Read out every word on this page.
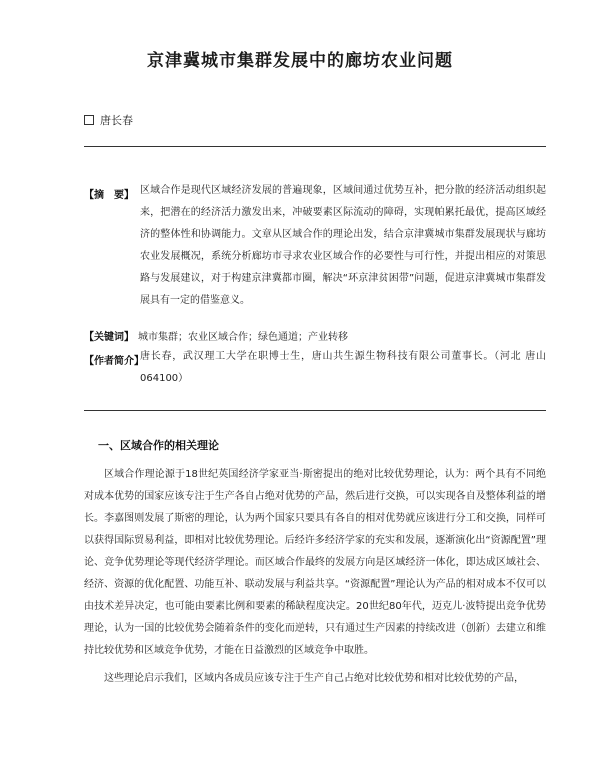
京津冀城市集群发展中的廊坊农业问题
唐长春
【摘　要】 区域合作是现代区域经济发展的普遍现象，区域间通过优势互补，把分散的经济活动组织起来，把潜在的经济活力激发出来，冲破要素区际流动的障碍，实现帕累托最优，提高区域经济的整体性和协调能力。文章从区域合作的理论出发，结合京津冀城市集群发展现状与廊坊农业发展概况，系统分析廊坊市寻求农业区域合作的必要性与可行性，并提出相应的对策思路与发展建议，对于构建京津冀都市圈，解决“环京津贫困带”问题，促进京津冀城市集群发展具有一定的借鉴意义。
【关键词】 城市集群；农业区域合作；绿色通道；产业转移
【作者简介】
唐长春，武汉理工大学在职博士生，唐山共生源生物科技有限公司董事长。（河北 唐山 064100）
一、区域合作的相关理论

区域合作理论源于18世纪英国经济学家亚当·斯密提出的绝对比较优势理论，认为：两个具有不同绝对成本优势的国家应该专注于生产各自占绝对优势的产品，然后进行交换，可以实现各自及整体利益的增长。李嘉图则发展了斯密的理论，认为两个国家只要具有各自的相对优势就应该进行分工和交换，同样可以获得国际贸易利益，即相对比较优势理论。后经许多经济学家的充实和发展，逐渐演化出“资源配置”理论、竞争优势理论等现代经济学理论。而区域合作最终的发展方向是区域经济一体化，即达成区域社会、经济、资源的优化配置、功能互补、联动发展与利益共享。“资源配置”理论认为产品的相对成本不仅可以由技术差异决定，也可能由要素比例和要素的稀缺程度决定。20世纪80年代，迈克儿·波特提出竞争优势理论，认为一国的比较优势会随着条件的变化而逆转，只有通过生产因素的持续改进（创新）去建立和维持比较优势和区域竞争优势，才能在日益激烈的区域竞争中取胜。

这些理论启示我们，区域内各成员应该专注于生产自己占绝对比较优势和相对比较优势的产品，
